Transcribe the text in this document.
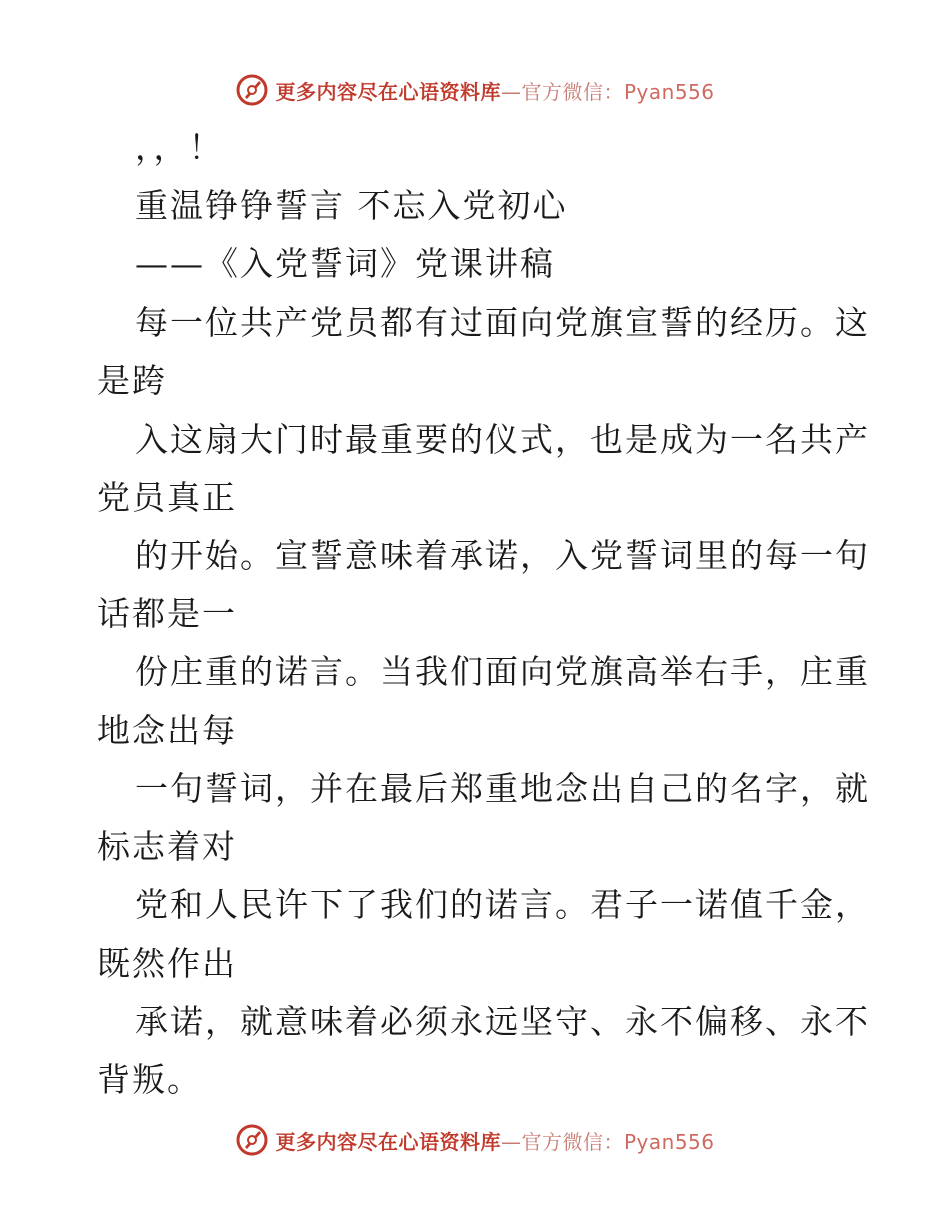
更多内容尽在心语资料库—官方微信：Pyan556
，，！
重温铮铮誓言 不忘入党初心
——《入党誓词》党课讲稿
每一位共产党员都有过面向党旗宣誓的经历。这
是跨
入这扇大门时最重要的仪式，也是成为一名共产
党员真正
的开始。宣誓意味着承诺，入党誓词里的每一句
话都是一
份庄重的诺言。当我们面向党旗高举右手，庄重
地念出每
一句誓词，并在最后郑重地念出自己的名字，就
标志着对
党和人民许下了我们的诺言。君子一诺值千金，
既然作出
承诺，就意味着必须永远坚守、永不偏移、永不
背叛。
更多内容尽在心语资料库—官方微信：Pyan556
